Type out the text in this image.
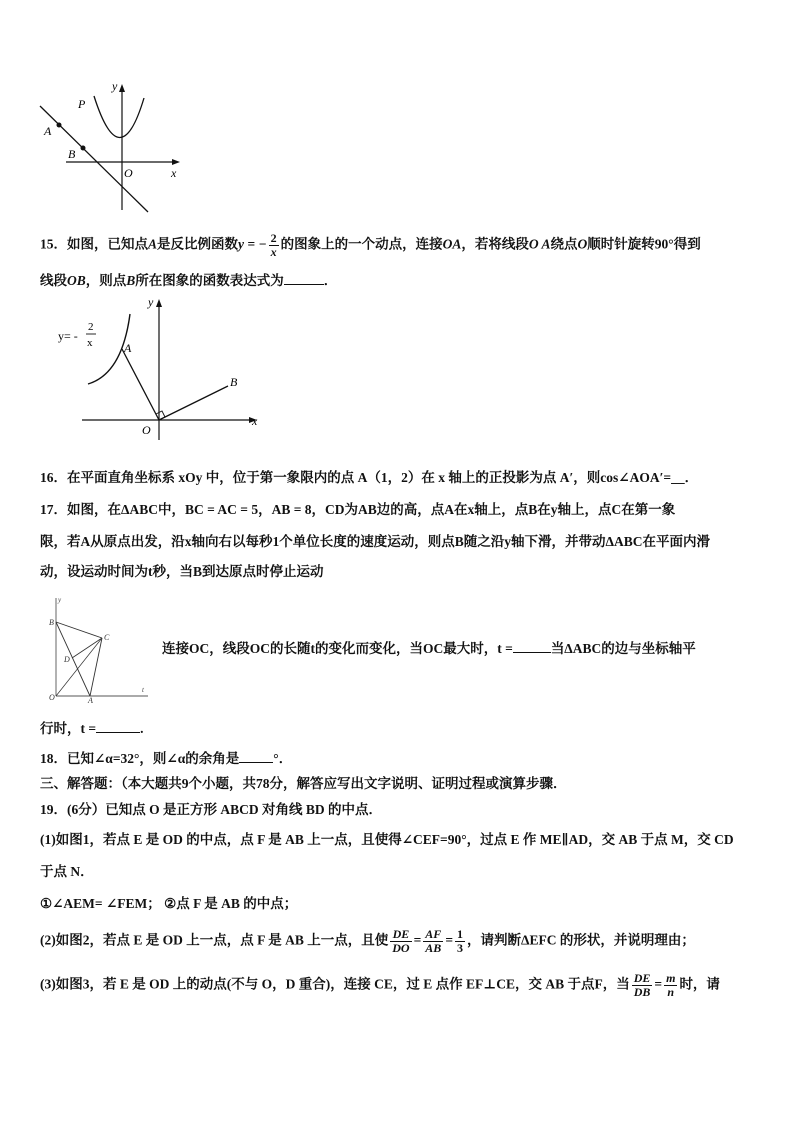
y
P
A
B
O	x
15．如图，已知点A是反比例函数y = − $\frac{2}{x}$ 的图象上的一个动点，连接OA，若将线段O A绕点O顺时针旋转90°得到
线段OB，则点B所在图象的函数表达式为	．
y= -
2
x
y
A
B
O
x
16．在平面直角坐标系 xOy 中，位于第一象限内的点 A（1，2）在 x 轴上的正投影为点 A′，则cos∠AOA′=__．
17．如图，在ΔABC中，BC = AC = 5，AB = 8，CD为AB边的高，点A在x轴上，点B在y轴上，点C在第一象
限，若A从原点出发，沿x轴向右以每秒1个单位长度的速度运动，则点B随之沿y轴下滑，并带动ΔABC在平面内滑
动，设运动时间为t秒，当B到达原点时停止运动
y
B
C
D
O	A
t
连接OC，线段OC的长随t的变化而变化，当OC最大时，t =	当ΔABC的边与坐标轴平
行时，t =	.
18．已知∠α=32°，则∠α的余角是	°．
三、解答题：（本大题共9个小题，共78分，解答应写出文字说明、证明过程或演算步骤．
19．(6分）已知点 O 是正方形 ABCD 对角线 BD 的中点．
(1)如图1，若点 E 是 OD 的中点，点 F 是 AB 上一点，且使得∠CEF=90°，过点 E 作 ME∥AD，交 AB 于点 M，交 CD
于点 N．
①∠AEM= ∠FEM； ②点 F 是 AB 的中点；
(2)如图2，若点 E 是 OD 上一点，点 F 是 AB 上一点，且使 $\frac{DE}{DO} = \frac{AF}{AB} = \frac{1}{3}$ ，请判断ΔEFC 的形状，并说明理由；
(3)如图3，若 E 是 OD 上的动点(不与 O，D 重合)，连接 CE，过 E 点作 EF⊥CE，交 AB 于点F，当 $\frac{DE}{DB} = \frac{m}{n}$ 时，请
